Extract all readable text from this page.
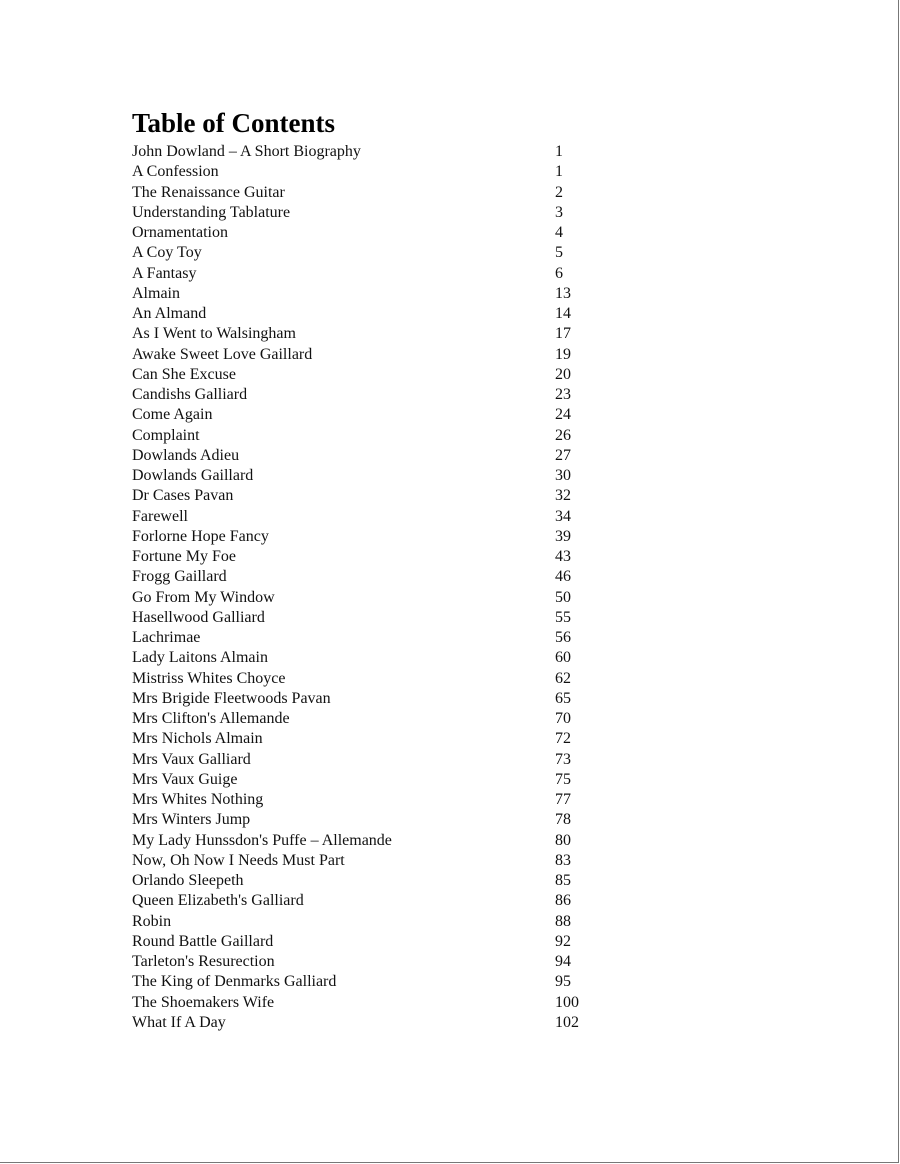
Table of Contents
John Dowland – A Short Biography	1
A Confession	1
The Renaissance Guitar	2
Understanding Tablature	3
Ornamentation	4
A Coy Toy	5
A Fantasy	6
Almain	13
An Almand	14
As I Went to Walsingham	17
Awake Sweet Love Gaillard	19
Can She Excuse	20
Candishs Galliard	23
Come Again	24
Complaint	26
Dowlands Adieu	27
Dowlands Gaillard	30
Dr Cases Pavan	32
Farewell	34
Forlorne Hope Fancy	39
Fortune My Foe	43
Frogg Gaillard	46
Go From My Window	50
Hasellwood Galliard	55
Lachrimae	56
Lady Laitons Almain	60
Mistriss Whites Choyce	62
Mrs Brigide Fleetwoods Pavan	65
Mrs Clifton's Allemande	70
Mrs Nichols Almain	72
Mrs Vaux Galliard	73
Mrs Vaux Guige	75
Mrs Whites Nothing	77
Mrs Winters Jump	78
My Lady Hunssdon's Puffe – Allemande	80
Now, Oh Now I Needs Must Part	83
Orlando Sleepeth	85
Queen Elizabeth's Galliard	86
Robin	88
Round Battle Gaillard	92
Tarleton's Resurection	94
The King of Denmarks Galliard	95
The Shoemakers Wife	100
What If A Day	102
